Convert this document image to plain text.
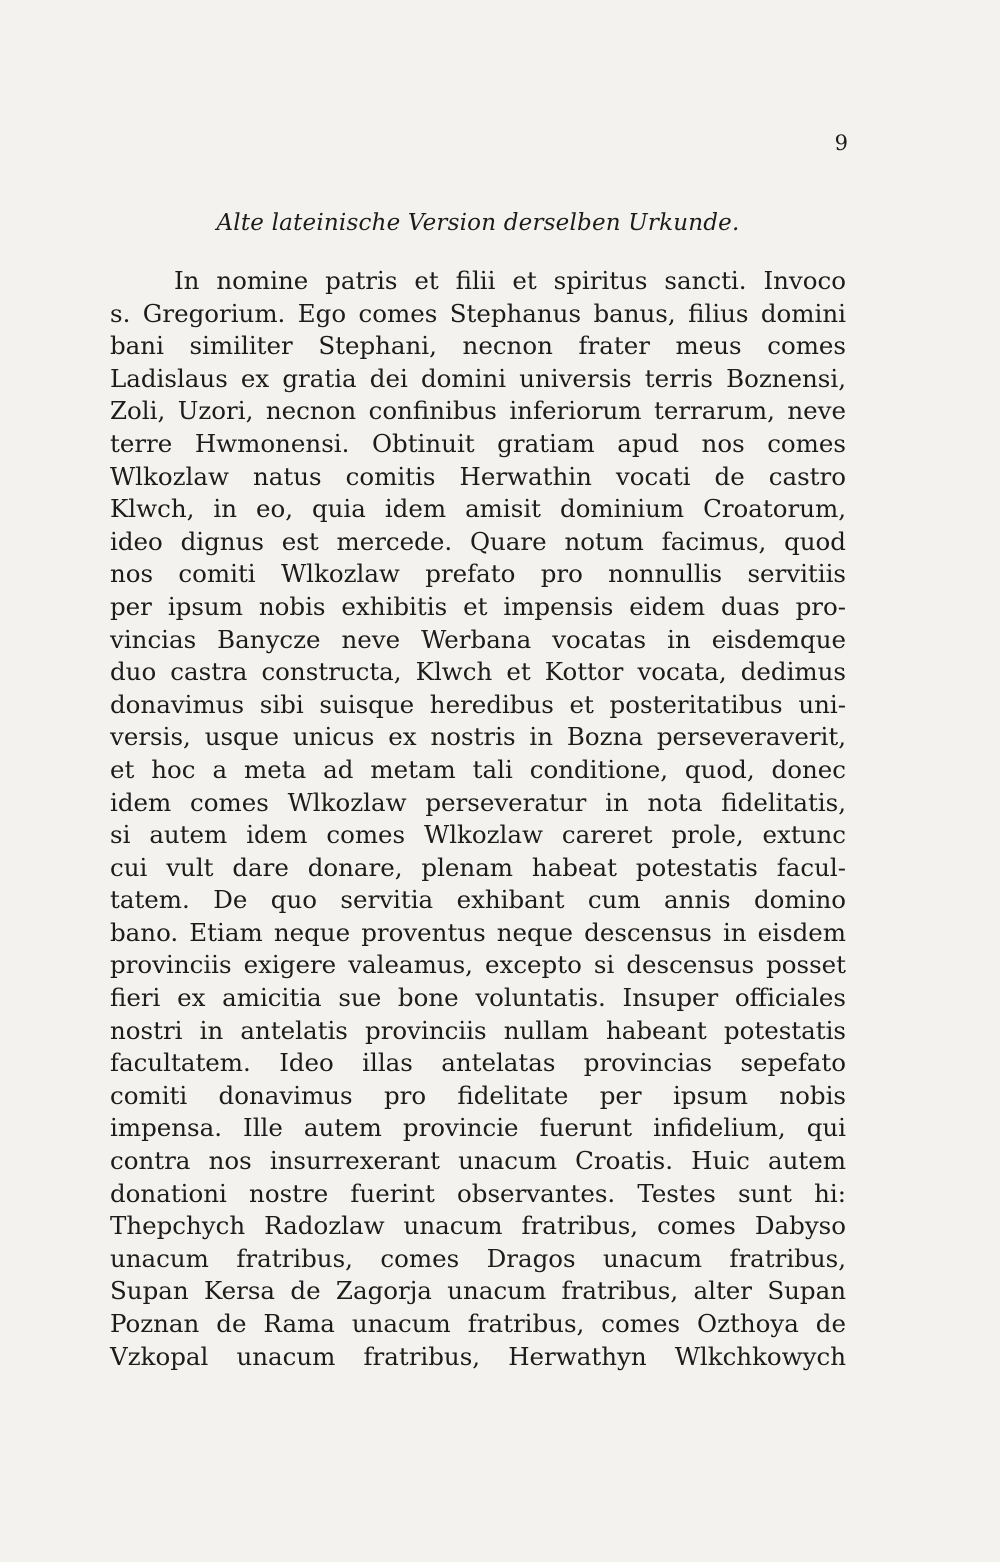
9
Alte lateinische Version derselben Urkunde.
In nomine patris et filii et spiritus sancti. Invoco
s. Gregorium. Ego comes Stephanus banus, filius domini
bani similiter Stephani, necnon frater meus comes
Ladislaus ex gratia dei domini universis terris Boznensi,
Zoli, Uzori, necnon confinibus inferiorum terrarum, neve
terre Hwmonensi. Obtinuit gratiam apud nos comes
Wlkozlaw natus comitis Herwathin vocati de castro
Klwch, in eo, quia idem amisit dominium Croatorum,
ideo dignus est mercede. Quare notum facimus, quod
nos comiti Wlkozlaw prefato pro nonnullis servitiis
per ipsum nobis exhibitis et impensis eidem duas pro-
vincias Banycze neve Werbana vocatas in eisdemque
duo castra constructa, Klwch et Kottor vocata, dedimus
donavimus sibi suisque heredibus et posteritatibus uni-
versis, usque unicus ex nostris in Bozna perseveraverit,
et hoc a meta ad metam tali conditione, quod, donec
idem comes Wlkozlaw perseveratur in nota fidelitatis,
si autem idem comes Wlkozlaw careret prole, extunc
cui vult dare donare, plenam habeat potestatis facul-
tatem. De quo servitia exhibant cum annis domino
bano. Etiam neque proventus neque descensus in eisdem
provinciis exigere valeamus, excepto si descensus posset
fieri ex amicitia sue bone voluntatis. Insuper officiales
nostri in antelatis provinciis nullam habeant potestatis
facultatem. Ideo illas antelatas provincias sepefato
comiti donavimus pro fidelitate per ipsum nobis
impensa. Ille autem provincie fuerunt infidelium, qui
contra nos insurrexerant unacum Croatis. Huic autem
donationi nostre fuerint observantes. Testes sunt hi:
Thepchych Radozlaw unacum fratribus, comes Dabyso
unacum fratribus, comes Dragos unacum fratribus,
Supan Kersa de Zagorja unacum fratribus, alter Supan
Poznan de Rama unacum fratribus, comes Ozthoya de
Vzkopal unacum fratribus, Herwathyn Wlkchkowych
